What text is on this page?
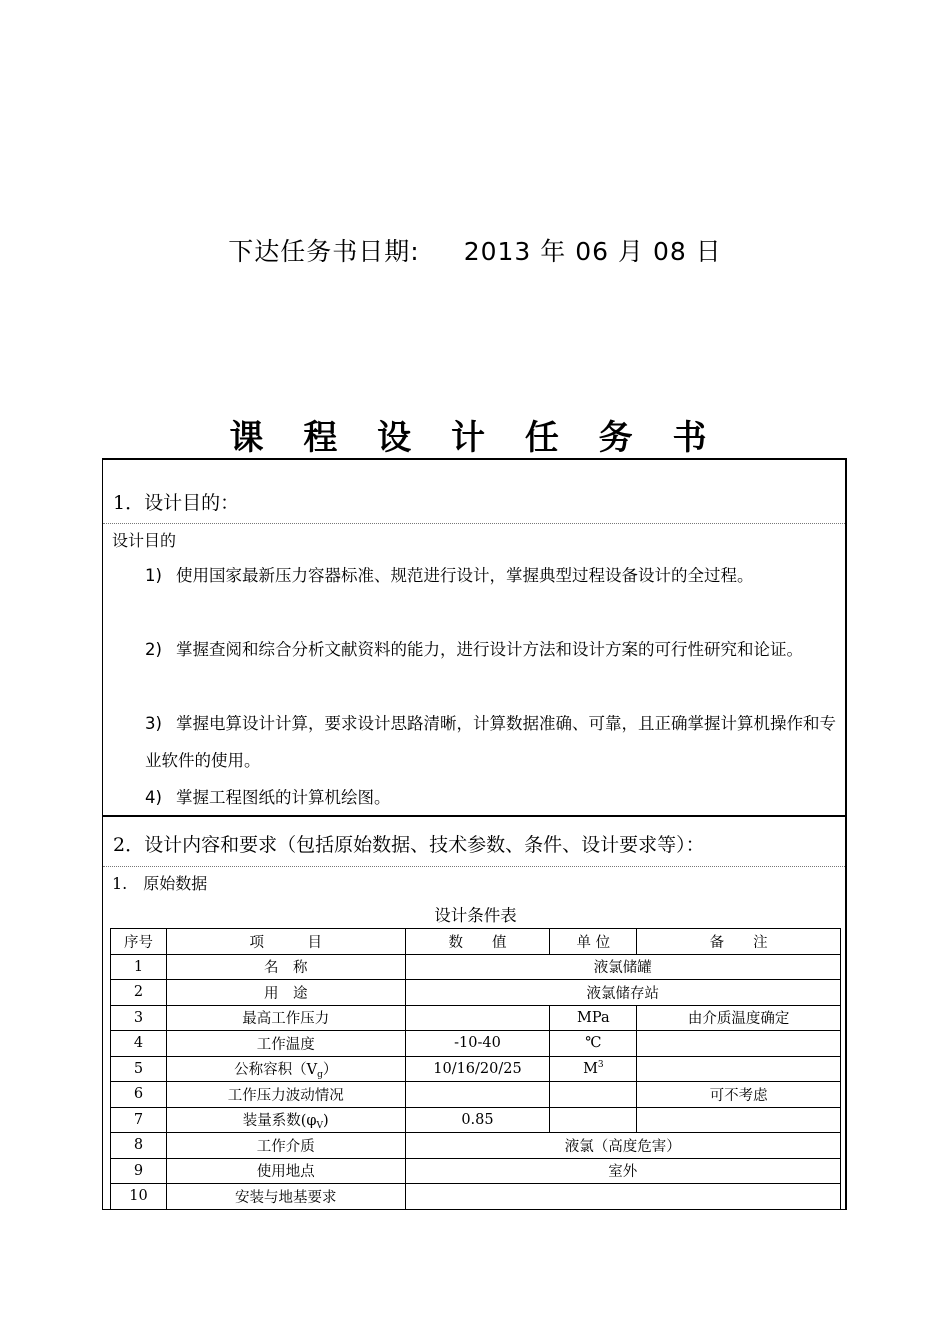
下达任务书日期: 2013 年 06 月 08 日
课 程 设 计 任 务 书
1．设计目的：
设计目的
1) 使用国家最新压力容器标准、规范进行设计，掌握典型过程设备设计的全过程。
2) 掌握查阅和综合分析文献资料的能力，进行设计方法和设计方案的可行性研究和论证。
3) 掌握电算设计计算，要求设计思路清晰，计算数据准确、可靠，且正确掌握计算机操作和专业软件的使用。
4) 掌握工程图纸的计算机绘图。
2．设计内容和要求（包括原始数据、技术参数、条件、设计要求等）：
1.　原始数据
设计条件表
序号	项　　　目	数　　值	单 位	备　　注
1	名　称	液氯储罐		
2	用　途	液氯储存站		
3	最高工作压力		MPa	由介质温度确定
4	工作温度	-10-40	℃	
5	公称容积$(V_g)$	10/16/20/25	$M^3$	
6	工作压力波动情况			可不考虑
7	装量系数$(\varphi_V)$	0.85		
8	工作介质	液氯（高度危害）		
9	使用地点	室外		
10	安装与地基要求			
